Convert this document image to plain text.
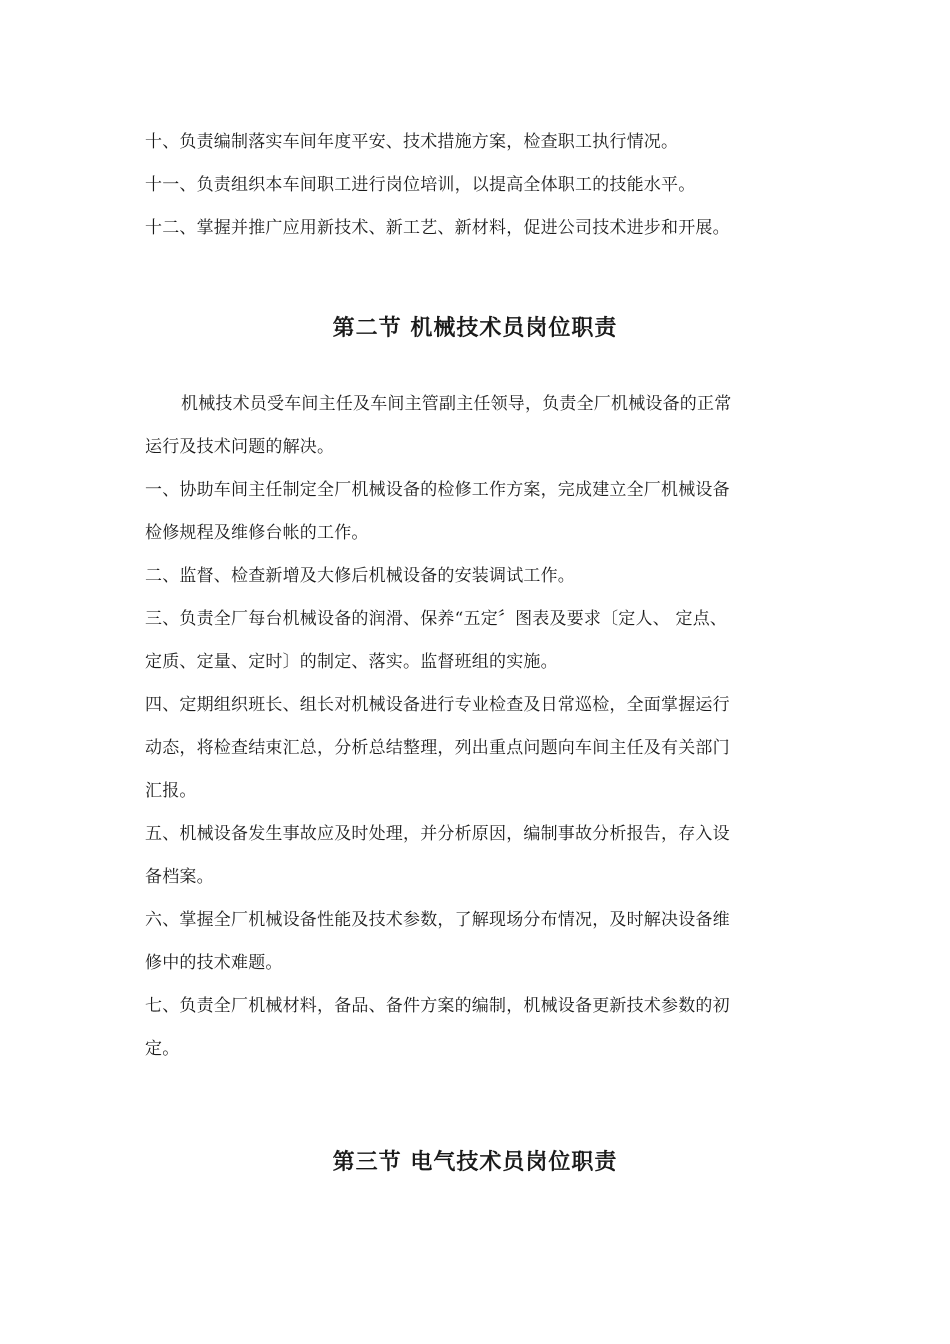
十、负责编制落实车间年度平安、技术措施方案，检查职工执行情况。
十一、负责组织本车间职工进行岗位培训，以提高全体职工的技能水平。
十二、掌握并推广应用新技术、新工艺、新材料，促进公司技术进步和开展。
第二节 机械技术员岗位职责
机械技术员受车间主任及车间主管副主任领导，负责全厂机械设备的正常
运行及技术问题的解决。
一、协助车间主任制定全厂机械设备的检修工作方案，完成建立全厂机械设备
检修规程及维修台帐的工作。
二、监督、检查新增及大修后机械设备的安装调试工作。
三、负责全厂每台机械设备的润滑、保养“五定〞图表及要求〔定人、 定点、
定质、定量、定时〕的制定、落实。监督班组的实施。
四、定期组织班长、组长对机械设备进行专业检查及日常巡检，全面掌握运行
动态，将检查结束汇总，分析总结整理，列出重点问题向车间主任及有关部门
汇报。
五、机械设备发生事故应及时处理，并分析原因，编制事故分析报告，存入设
备档案。
六、掌握全厂机械设备性能及技术参数，了解现场分布情况，及时解决设备维
修中的技术难题。
七、负责全厂机械材料，备品、备件方案的编制，机械设备更新技术参数的初
定。
第三节 电气技术员岗位职责
